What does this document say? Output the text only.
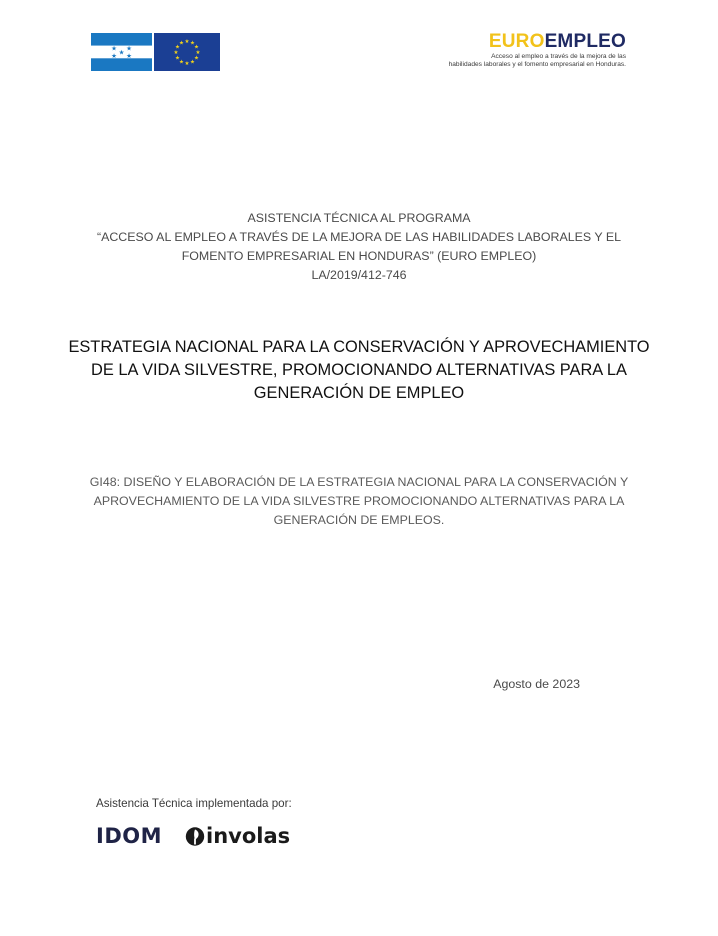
★ ★
★
★ ★
★ ★
★
★
★
★
★
★
★
★
★
★	EUROEMPLEO
Acceso al empleo a través de la mejora de las
habilidades laborales y el fomento empresarial en Honduras.
ASISTENCIA TÉCNICA AL PROGRAMA
“ACCESO AL EMPLEO A TRAVÉS DE LA MEJORA DE LAS HABILIDADES LABORALES Y EL
FOMENTO EMPRESARIAL EN HONDURAS” (EURO EMPLEO)
LA/2019/412-746
ESTRATEGIA NACIONAL PARA LA CONSERVACIÓN Y APROVECHAMIENTO
DE LA VIDA SILVESTRE, PROMOCIONANDO ALTERNATIVAS PARA LA
GENERACIÓN DE EMPLEO
GI48: DISEÑO Y ELABORACIÓN DE LA ESTRATEGIA NACIONAL PARA LA CONSERVACIÓN Y
APROVECHAMIENTO DE LA VIDA SILVESTRE PROMOCIONANDO ALTERNATIVAS PARA LA
GENERACIÓN DE EMPLEOS.
Agosto de 2023
Asistencia Técnica implementada por:
IDOM involas
